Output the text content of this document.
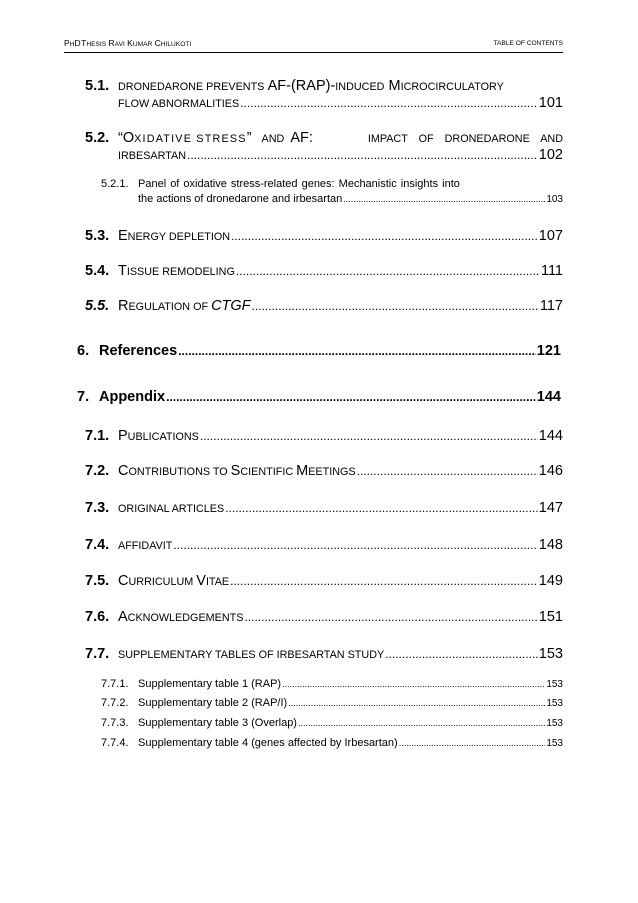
PHD THESIS RAVI KUMAR CHILUKOTI	TABLE OF CONTENTS
5.1. DRONEDARONE PREVENTS AF-(RAP)-INDUCED MICROCIRCULATORY
FLOW ABNORMALITIES .....	101
5.2. “O XIDATIVE STRESS ” AND AF:	IMPACT OF DRONEDARONE AND
IRBESARTAN .....	102
5.2.1. Panel of oxidative stress-related genes: Mechanistic insights into
the actions of dronedarone and irbesartan .....	103
5.3. ENERGY DEPLETION .....	107
5.4. TISSUE REMODELING .....	111
5.5. REGULATION OF CTGF .....	117
6. References .....	121
7. Appendix .....	144
7.1. PUBLICATIONS .....	144
7.2. CONTRIBUTIONS TO SCIENTIFIC MEETINGS .....	146
7.3. ORIGINAL ARTICLES .....	147
7.4. AFFIDAVIT .....	148
7.5. CURRICULUM VITAE .....	149
7.6. ACKNOWLEDGEMENTS .....	151
7.7. SUPPLEMENTARY TABLES OF IRBESARTAN STUDY .....	153
7.7.1. Supplementary table 1 (RAP) .....	153
7.7.2. Supplementary table 2 (RAP/I) .....	153
7.7.3. Supplementary table 3 (Overlap) .....	153
7.7.4. Supplementary table 4 (genes affected by Irbesartan) .....	153
